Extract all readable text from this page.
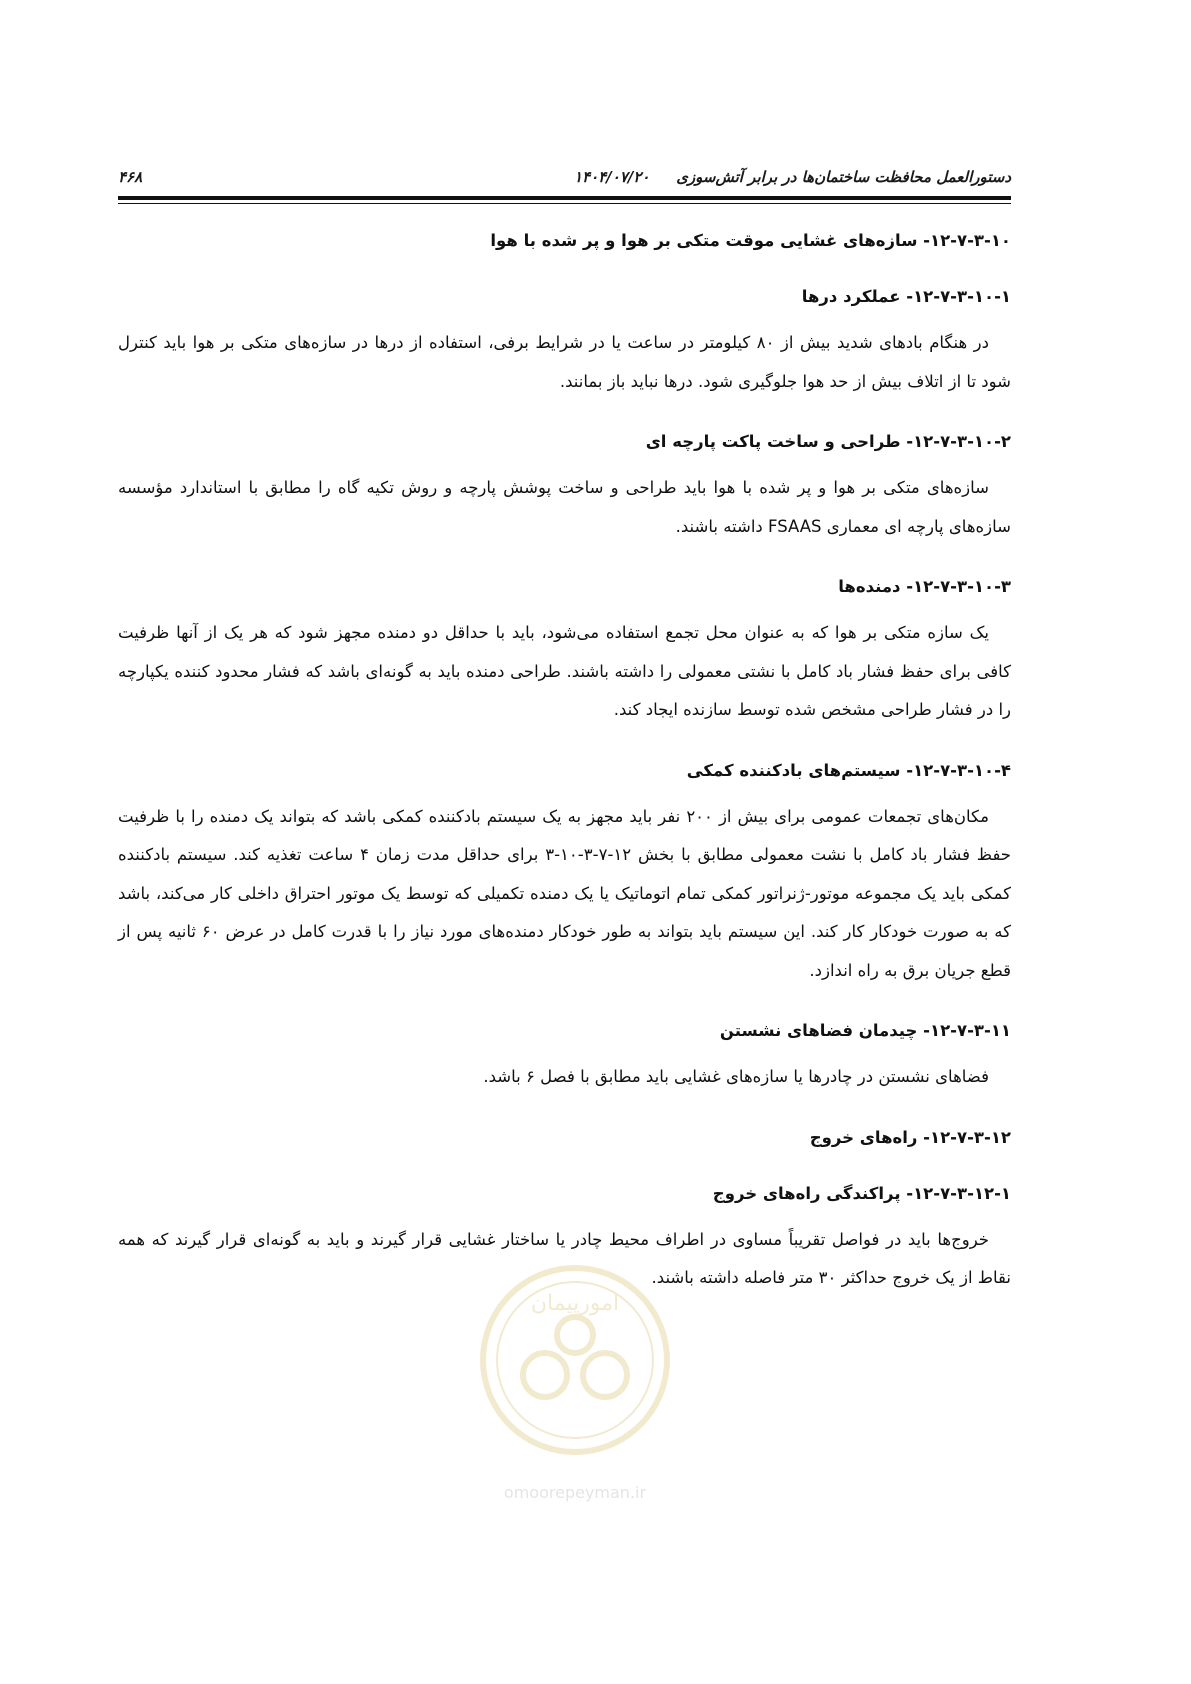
۴۶۸	۱۴۰۴/۰۷/۲۰ دستورالعمل محافظت ساختمان‌ها در برابر آتش‌سوزی
۱۲-۷-۳-۱۰- سازه‌های غشایی موقت متکی بر هوا و پر شده با هوا
۱۲-۷-۳-۱۰-۱- عملکرد درها

در هنگام بادهای شدید بیش از ۸۰ کیلومتر در ساعت یا در شرایط برفی، استفاده از درها در سازه‌های متکی بر هوا باید کنترل شود تا از اتلاف بیش از حد هوا جلوگیری شود. درها نباید باز بمانند.

۱۲-۷-۳-۱۰-۲- طراحی و ساخت پاکت پارچه ای

سازه‌های متکی بر هوا و پر شده با هوا باید طراحی و ساخت پوشش پارچه و روش تکیه گاه را مطابق با استاندارد مؤسسه سازه‌های پارچه ای معماری FSAAS داشته باشند.

۱۲-۷-۳-۱۰-۳- دمنده‌ها

یک سازه متکی بر هوا که به عنوان محل تجمع استفاده می‌شود، باید با حداقل دو دمنده مجهز شود که هر یک از آنها ظرفیت کافی برای حفظ فشار باد کامل با نشتی معمولی را داشته باشند. طراحی دمنده باید به گونه‌ای باشد که فشار محدود کننده یکپارچه را در فشار طراحی مشخص شده توسط سازنده ایجاد کند.

۱۲-۷-۳-۱۰-۴- سیستم‌های بادکننده کمکی

مکان‌های تجمعات عمومی برای بیش از ۲۰۰ نفر باید مجهز به یک سیستم بادکننده کمکی باشد که بتواند یک دمنده را با ظرفیت حفظ فشار باد کامل با نشت معمولی مطابق با بخش ۱۲-۷-۳-۱۰-۳ برای حداقل مدت زمان ۴ ساعت تغذیه کند. سیستم بادکننده کمکی باید یک مجموعه موتور-ژنراتور کمکی تمام اتوماتیک یا یک دمنده تکمیلی که توسط یک موتور احتراق داخلی کار می‌کند، باشد که به صورت خودکار کار کند. این سیستم باید بتواند به طور خودکار دمنده‌های مورد نیاز را با قدرت کامل در عرض ۶۰ ثانیه پس از قطع جریان برق به راه اندازد.

۱۲-۷-۳-۱۱- چیدمان فضاهای نشستن

فضاهای نشستن در چادرها یا سازه‌های غشایی باید مطابق با فصل ۶ باشد.

۱۲-۷-۳-۱۲- راه‌های خروج
۱۲-۷-۳-۱۲-۱- پراکندگی راه‌های خروج

خروج‌ها باید در فواصل تقریباً مساوی در اطراف محیط چادر یا ساختار غشایی قرار گیرند و باید به گونه‌ای قرار گیرند که همه نقاط از یک خروج حداکثر ۳۰ متر فاصله داشته باشند.

امورپیمان
omoorepeyman.ir
